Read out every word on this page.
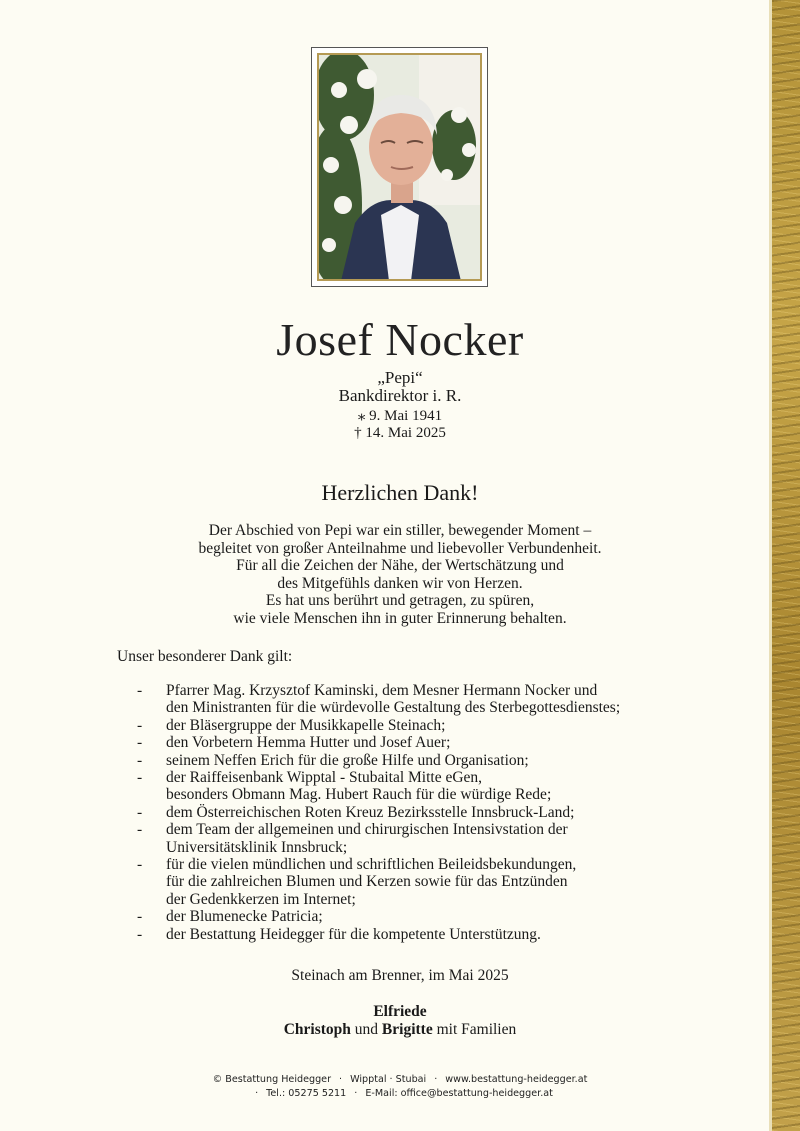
Josef Nocker
„Pepi“
Bankdirektor i. R.
⁎ 9. Mai 1941
† 14. Mai 2025
Herzlichen Dank!
Der Abschied von Pepi war ein stiller, bewegender Moment –
begleitet von großer Anteilnahme und liebevoller Verbundenheit.
Für all die Zeichen der Nähe, der Wertschätzung und
des Mitgefühls danken wir von Herzen.
Es hat uns berührt und getragen, zu spüren,
wie viele Menschen ihn in guter Erinnerung behalten.
Unser besonderer Dank gilt:
- Pfarrer Mag. Krzysztof Kaminski, dem Mesner Hermann Nocker und
den Ministranten für die würdevolle Gestaltung des Sterbegottesdienstes;
- der Bläsergruppe der Musikkapelle Steinach;
- den Vorbetern Hemma Hutter und Josef Auer;
- seinem Neffen Erich für die große Hilfe und Organisation;
- der Raiffeisenbank Wipptal - Stubaital Mitte eGen,
besonders Obmann Mag. Hubert Rauch für die würdige Rede;
- dem Österreichischen Roten Kreuz Bezirksstelle Innsbruck-Land;
- dem Team der allgemeinen und chirurgischen Intensivstation der
Universitätsklinik Innsbruck;
- für die vielen mündlichen und schriftlichen Beileidsbekundungen,
für die zahlreichen Blumen und Kerzen sowie für das Entzünden
der Gedenkkerzen im Internet;
- der Blumenecke Patricia;
- der Bestattung Heidegger für die kompetente Unterstützung.
Steinach am Brenner, im Mai 2025
Elfriede
Christoph und Brigitte mit Familien
© Bestattung Heidegger · Wipptal · Stubai · www.bestattung-heidegger.at
· Tel.: 05275 5211 · E-Mail: office@bestattung-heidegger.at
